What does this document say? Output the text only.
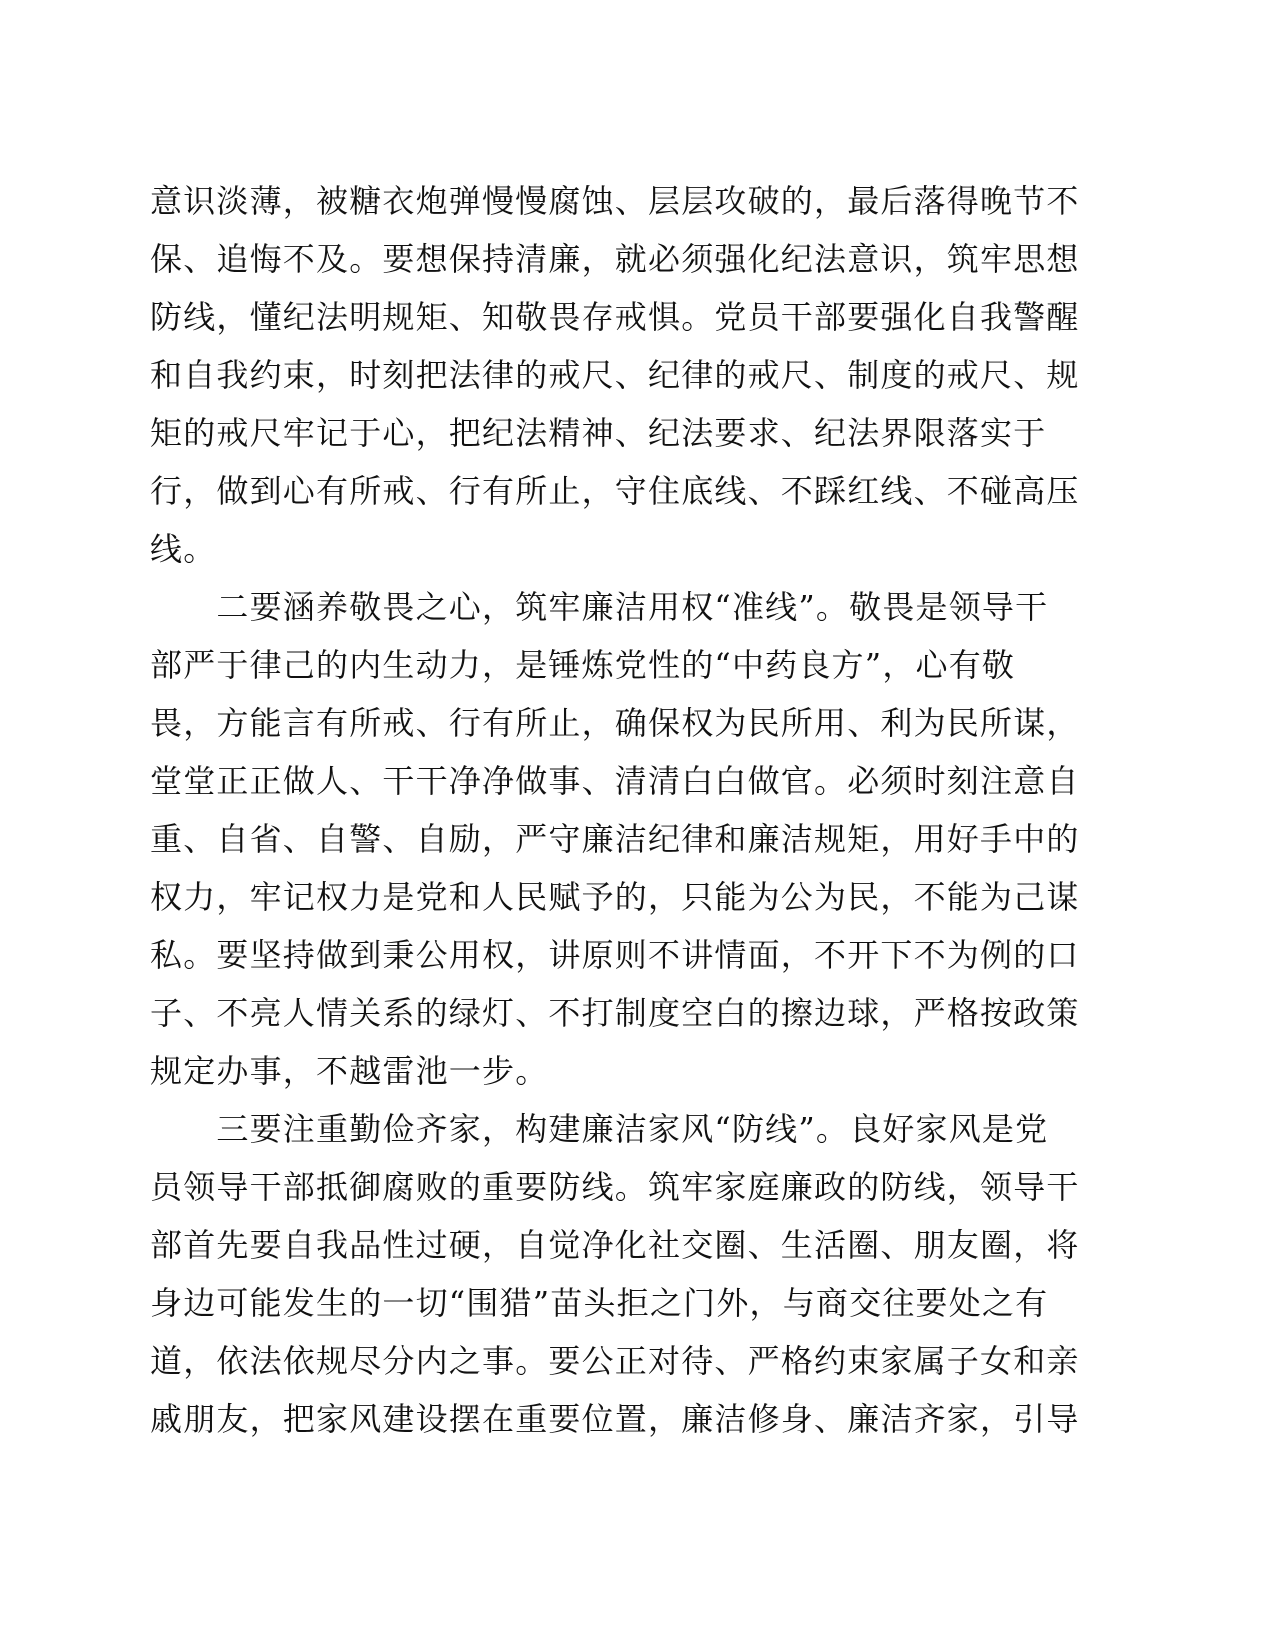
意识淡薄，被糖衣炮弹慢慢腐蚀、层层攻破的，最后落得晚节不
保、追悔不及。要想保持清廉，就必须强化纪法意识，筑牢思想
防线，懂纪法明规矩、知敬畏存戒惧。党员干部要强化自我警醒
和自我约束，时刻把法律的戒尺、纪律的戒尺、制度的戒尺、规
矩的戒尺牢记于心，把纪法精神、纪法要求、纪法界限落实于
行，做到心有所戒、行有所止，守住底线、不踩红线、不碰高压
线。
　　二要涵养敬畏之心，筑牢廉洁用权“准线”。敬畏是领导干
部严于律己的内生动力，是锤炼党性的“中药良方”，心有敬
畏，方能言有所戒、行有所止，确保权为民所用、利为民所谋，
堂堂正正做人、干干净净做事、清清白白做官。必须时刻注意自
重、自省、自警、自励，严守廉洁纪律和廉洁规矩，用好手中的
权力，牢记权力是党和人民赋予的，只能为公为民，不能为己谋
私。要坚持做到秉公用权，讲原则不讲情面，不开下不为例的口
子、不亮人情关系的绿灯、不打制度空白的擦边球，严格按政策
规定办事，不越雷池一步。
　　三要注重勤俭齐家，构建廉洁家风“防线”。良好家风是党
员领导干部抵御腐败的重要防线。筑牢家庭廉政的防线，领导干
部首先要自我品性过硬，自觉净化社交圈、生活圈、朋友圈，将
身边可能发生的一切“围猎”苗头拒之门外，与商交往要处之有
道，依法依规尽分内之事。要公正对待、严格约束家属子女和亲
戚朋友，把家风建设摆在重要位置，廉洁修身、廉洁齐家，引导
